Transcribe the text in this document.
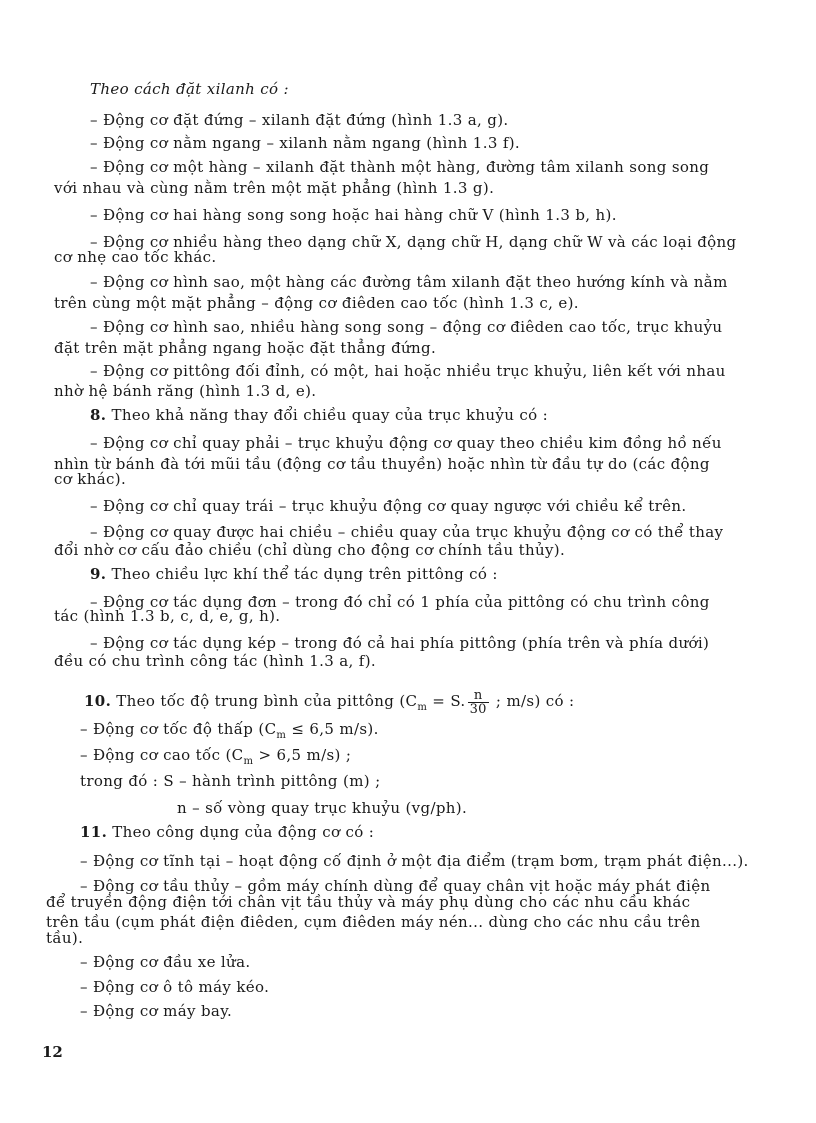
Theo cách đặt xilanh có :
– Động cơ đặt đứng – xilanh đặt đứng (hình 1.3 a, g).
– Động cơ nằm ngang – xilanh nằm ngang (hình 1.3 f).
– Động cơ một hàng – xilanh đặt thành một hàng, đường tâm xilanh song song
với nhau và cùng nằm trên một mặt phẳng (hình 1.3 g).
– Động cơ hai hàng song song hoặc hai hàng chữ V (hình 1.3 b, h).
– Động cơ nhiều hàng theo dạng chữ X, dạng chữ H, dạng chữ W và các loại động
cơ nhẹ cao tốc khác.
– Động cơ hình sao, một hàng các đường tâm xilanh đặt theo hướng kính và nằm
trên cùng một mặt phẳng – động cơ điêden cao tốc (hình 1.3 c, e).
– Động cơ hình sao, nhiều hàng song song – động cơ điêden cao tốc, trục khuỷu
đặt trên mặt phẳng ngang hoặc đặt thẳng đứng.
– Động cơ pittông đối đỉnh, có một, hai hoặc nhiều trục khuỷu, liên kết với nhau
nhờ hệ bánh răng (hình 1.3 d, e).
8. Theo khả năng thay đổi chiều quay của trục khuỷu có :
– Động cơ chỉ quay phải – trục khuỷu động cơ quay theo chiều kim đồng hồ nếu
nhìn từ bánh đà tới mũi tầu (động cơ tầu thuyền) hoặc nhìn từ đầu tự do (các động
cơ khác).
– Động cơ chỉ quay trái – trục khuỷu động cơ quay ngược với chiều kể trên.
– Động cơ quay được hai chiều – chiều quay của trục khuỷu động cơ có thể thay
đổi nhờ cơ cấu đảo chiều (chỉ dùng cho động cơ chính tầu thủy).
9. Theo chiều lực khí thể tác dụng trên pittông có :
– Động cơ tác dụng đơn – trong đó chỉ có 1 phía của pittông có chu trình công
tác (hình 1.3 b, c, d, e, g, h).
– Động cơ tác dụng kép – trong đó cả hai phía pittông (phía trên và phía dưới)
đều có chu trình công tác (hình 1.3 a, f).
10. Theo tốc độ trung bình của pittông ($C_m = S$. $\frac{n}{30}$ ; m/s) có :
– Động cơ tốc độ thấp ($C_m \le 6,5$ m/s).
– Động cơ cao tốc ($C_m > 6,5$ m/s) ;
trong đó : S – hành trình pittông (m) ;
n – số vòng quay trục khuỷu (vg/ph).
11. Theo công dụng của động cơ có :
– Động cơ tĩnh tại – hoạt động cố định ở một địa điểm (trạm bơm, trạm phát điện...).
– Động cơ tầu thủy – gồm máy chính dùng để quay chân vịt hoặc máy phát điện
để truyền động điện tới chân vịt tầu thủy và máy phụ dùng cho các nhu cầu khác
trên tầu (cụm phát điện điêden, cụm điêden máy nén... dùng cho các nhu cầu trên
tầu).
– Động cơ đầu xe lửa.
– Động cơ ô tô máy kéo.
– Động cơ máy bay.
12
